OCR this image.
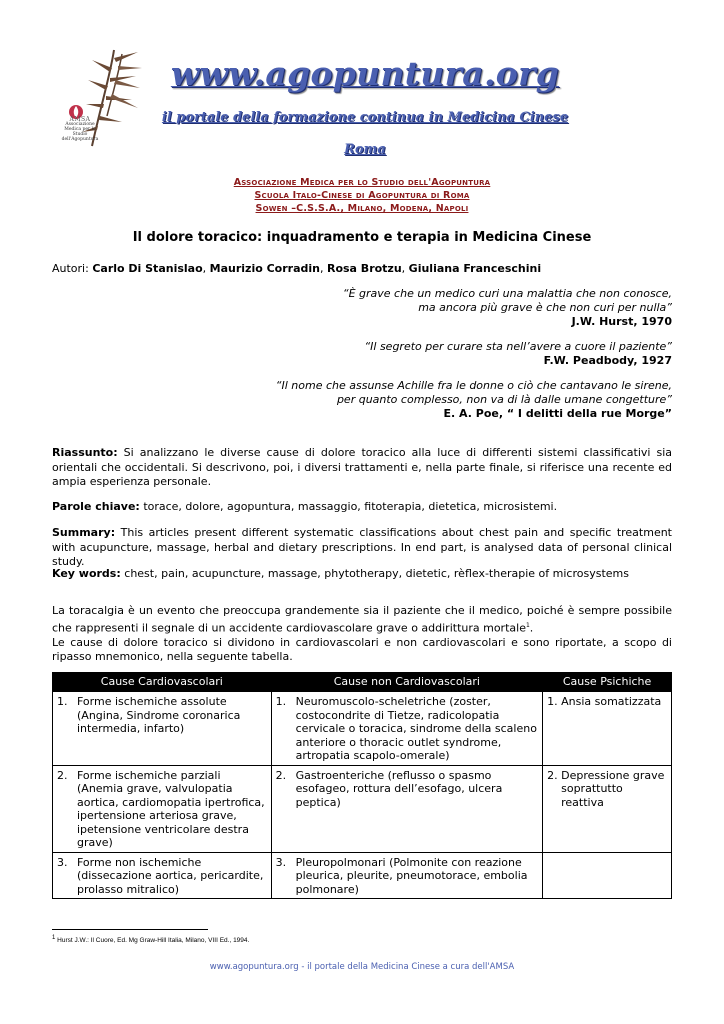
AMSA
Associazione Medica per lo Studio dell'Agopuntura
www.agopuntura.org
il portale della formazione continua in Medicina Cinese
Roma
Associazione Medica per lo Studio dell'Agopuntura
Scuola Italo-Cinese di Agopuntura di Roma
Sowen –C.S.S.A., Milano, Modena, Napoli
Il dolore toracico: inquadramento e terapia in Medicina Cinese
Autori: Carlo Di Stanislao, Maurizio Corradin, Rosa Brotzu, Giuliana Franceschini
“È grave che un medico curi una malattia che non conosce,
ma ancora più grave è che non curi per nulla”
J.W. Hurst, 1970
“Il segreto per curare sta nell’avere a cuore il paziente”
F.W. Peadbody, 1927
“Il nome che assunse Achille fra le donne o ciò che cantavano le sirene,
per quanto complesso, non va di là dalle umane congetture”
E. A. Poe, “ I delitti della rue Morge”
Riassunto: Si analizzano le diverse cause di dolore toracico alla luce di differenti sistemi classificativi sia orientali che occidentali. Si descrivono, poi, i diversi trattamenti e, nella parte finale, si riferisce una recente ed ampia esperienza personale.
Parole chiave: torace, dolore, agopuntura, massaggio, fitoterapia, dietetica, microsistemi.
Summary: This articles present different systematic classifications about chest pain and specific treatment with acupuncture, massage, herbal and dietary prescriptions. In end part, is analysed data of personal clinical study.
Key words: chest, pain, acupuncture, massage, phytotherapy, dietetic, rèflex-therapie of microsystems
La toracalgia è un evento che preoccupa grandemente sia il paziente che il medico, poiché è sempre possibile che rappresenti il segnale di un accidente cardiovascolare grave o addirittura mortale$^1$.
Le cause di dolore toracico si dividono in cardiovascolari e non cardiovascolari e sono riportate, a scopo di ripasso mnemonico, nella seguente tabella.
Cause Cardiovascolari	Cause non Cardiovascolari	Cause Psichiche

1. Forme ischemiche assolute (Angina, Sindrome coronarica intermedia, infarto)	1. Neuromuscolo-scheletriche (zoster, costocondrite di Tietze, radicolopatia cervicale o toracica, sindrome della scaleno anteriore o thoracic outlet syndrome, artropatia scapolo-omerale)	1. Ansia somatizzata

2. Forme ischemiche parziali (Anemia grave, valvulopatia aortica, cardiomopatia ipertrofica, ipertensione arteriosa grave, ipetensione ventricolare destra grave)	2. Gastroenteriche (reflusso o spasmo esofageo, rottura dell’esofago, ulcera peptica)	2. Depressione grave soprattutto reattiva

3. Forme non ischemiche (dissecazione aortica, pericardite, prolasso mitralico)	3. Pleuropolmonari (Polmonite con reazione pleurica, pleurite, pneumotorace, embolia polmonare)	

$^1$ Hurst J.W.: Il Cuore, Ed. Mg Graw-Hill Italia, Milano, VIII Ed., 1994.
www.agopuntura.org - il portale della Medicina Cinese a cura dell'AMSA
